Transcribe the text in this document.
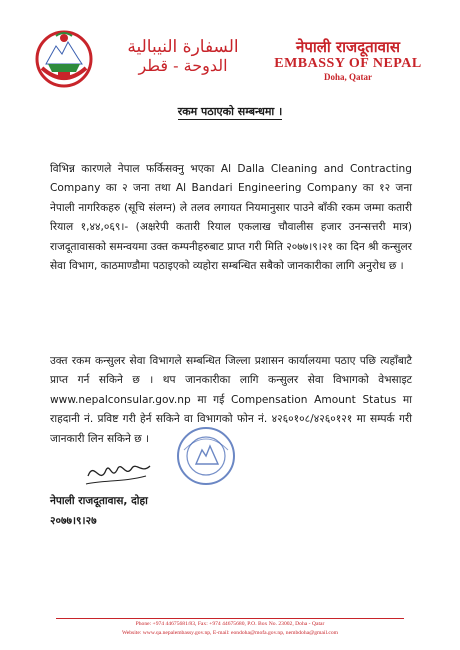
السفارة النيبالية
الدوحة - قطر
नेपाली राजदूतावास
EMBASSY OF NEPAL
Doha, Qatar
रकम पठाएको सम्बन्धमा ।

विभिन्न कारणले नेपाल फर्किसक्नु भएका Al Dalla Cleaning and Contracting Company का २ जना तथा Al Bandari Engineering Company का १२ जना नेपाली नागरिकहरु (सूचि संलग्न) ले तलव लगायत नियमानुसार पाउने बाँकी रकम जम्मा कतारी रियाल १,४४,०६९।- (अक्षरेपी कतारी रियाल एकलाख चौवालीस हजार उनन्सत्तरी मात्र) राजदूतावासको समन्वयमा उक्त कम्पनीहरुबाट प्राप्त गरी मिति २०७७।९।२१ का दिन श्री कन्सुलर सेवा विभाग, काठमाण्डौमा पठाइएको व्यहोरा सम्बन्धित सबैको जानकारीका लागि अनुरोध छ ।

उक्त रकम कन्सुलर सेवा विभागले सम्बन्धित जिल्ला प्रशासन कार्यालयमा पठाए पछि त्यहाँबाटै प्राप्त गर्न सकिने छ । थप जानकारीका लागि कन्सुलर सेवा विभागको वेभसाइट www.nepalconsular.gov.np मा गई Compensation Amount Status मा राहदानी नं. प्रविष्ट गरी हेर्न सकिने वा विभागको फोन नं. ४२६०१०८/४२६०१२१ मा सम्पर्क गरी जानकारी लिन सकिने छ ।

नेपाली राजदूतावास, दोहा
२०७७।९।२७
Phone: +974 44675681/83, Fax: +974 44675680, P.O. Box No. 23002, Doha - Qatar
Website: www.qa.nepalembassy.gov.np, E-mail: eondoha@mofa.gov.np, nembdoha@gmail.com
